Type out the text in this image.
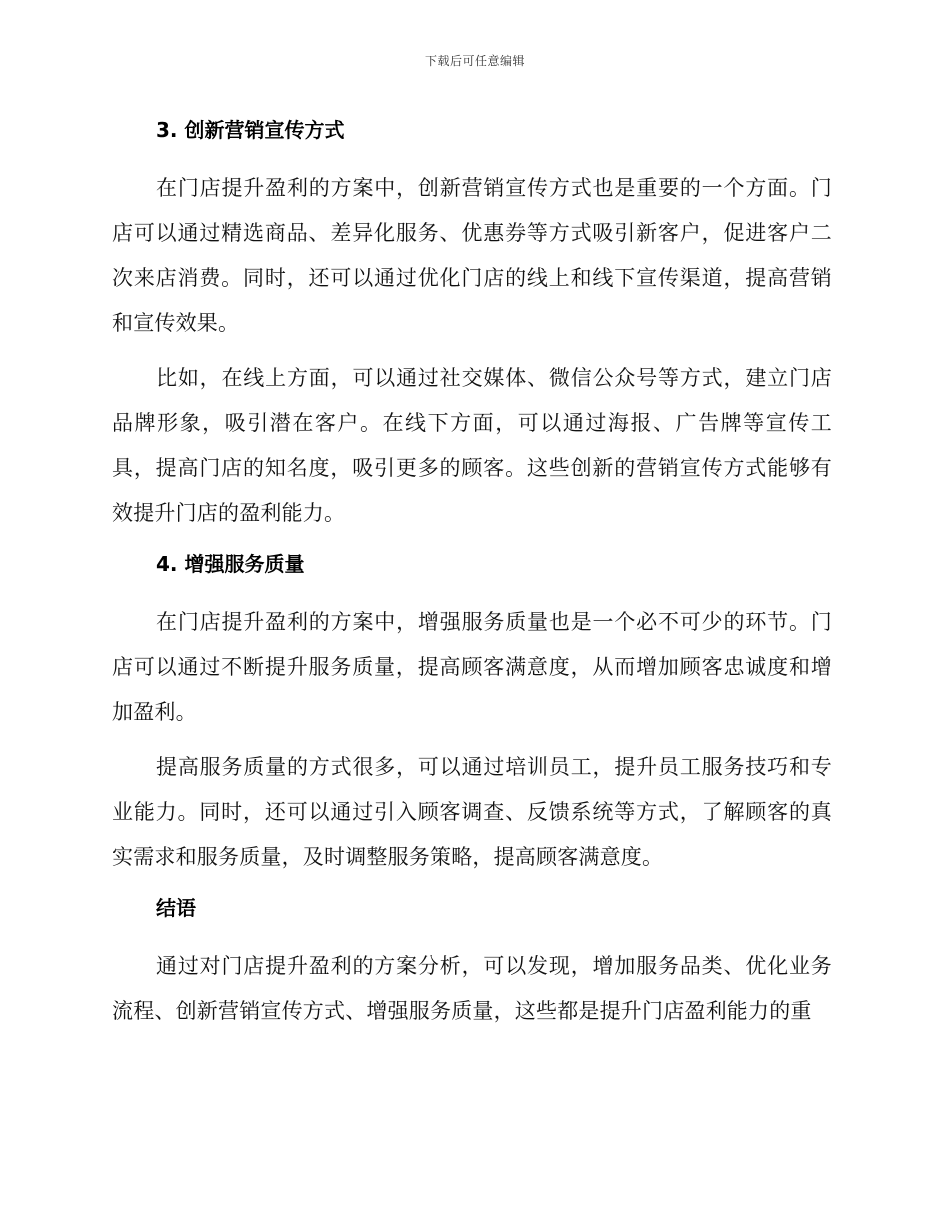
下载后可任意编辑
3. 创新营销宣传方式

在门店提升盈利的方案中，创新营销宣传方式也是重要的一个方面。门店可以通过精选商品、差异化服务、优惠券等方式吸引新客户，促进客户二次来店消费。同时，还可以通过优化门店的线上和线下宣传渠道，提高营销和宣传效果。

比如，在线上方面，可以通过社交媒体、微信公众号等方式，建立门店品牌形象，吸引潜在客户。在线下方面，可以通过海报、广告牌等宣传工具，提高门店的知名度，吸引更多的顾客。这些创新的营销宣传方式能够有效提升门店的盈利能力。

4. 增强服务质量

在门店提升盈利的方案中，增强服务质量也是一个必不可少的环节。门店可以通过不断提升服务质量，提高顾客满意度，从而增加顾客忠诚度和增加盈利。

提高服务质量的方式很多，可以通过培训员工，提升员工服务技巧和专业能力。同时，还可以通过引入顾客调查、反馈系统等方式，了解顾客的真实需求和服务质量，及时调整服务策略，提高顾客满意度。

结语

通过对门店提升盈利的方案分析，可以发现，增加服务品类、优化业务流程、创新营销宣传方式、增强服务质量，这些都是提升门店盈利能力的重
